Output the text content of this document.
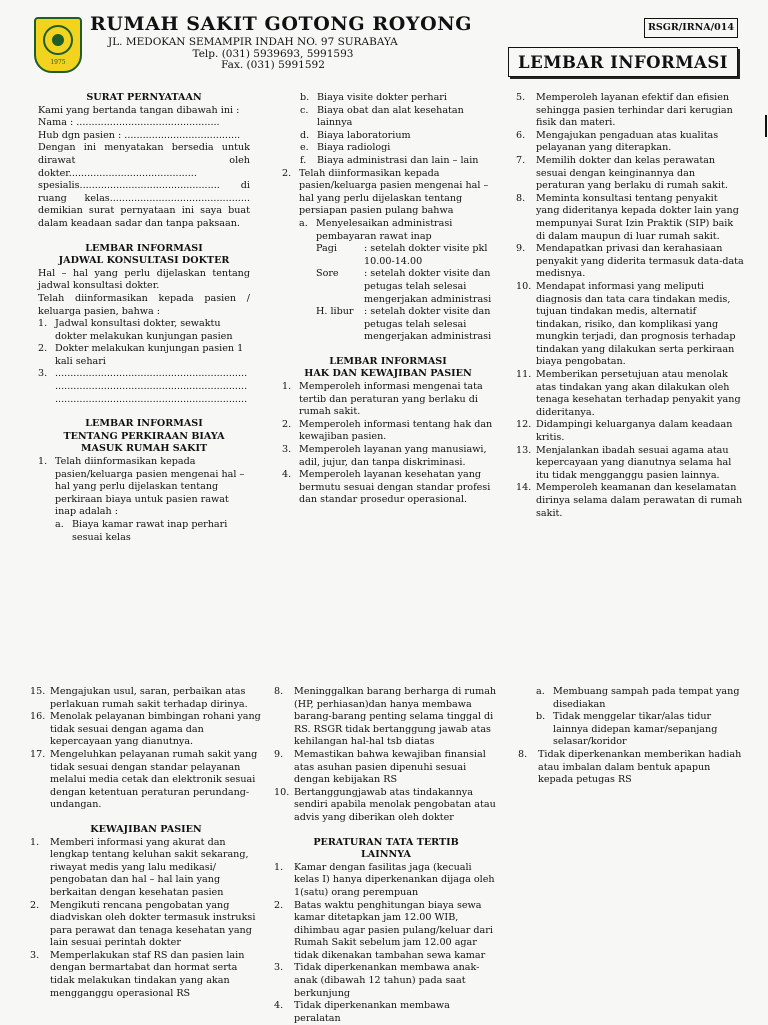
1975
RUMAH SAKIT GOTONG ROYONG
JL. MEDOKAN SEMAMPIR INDAH NO. 97 SURABAYA
Telp. (031) 5939693, 5991593
Fax. (031) 5991592
RSGR/IRNA/014
LEMBAR INFORMASI

SURAT PERNYATAAN

Kami yang bertanda tangan dibawah ini :

Nama : ...............................................

Hub dgn pasien : ......................................

Dengan ini menyatakan bersedia untuk dirawat oleh dokter.......................................... spesialis.............................................. di ruang kelas.............................................. demikian surat pernyataan ini saya buat dalam keadaan sadar dan tanpa paksaan.

LEMBAR INFORMASI

JADWAL KONSULTASI DOKTER

Hal – hal yang perlu dijelaskan tentang jadwal konsultasi dokter.

Telah diinformasikan kepada pasien / keluarga pasien, bahwa :

1. Jadwal konsultasi dokter, sewaktu dokter melakukan kunjungan pasien
2. Dokter melakukan kunjungan pasien 1 kali sehari
3. ...............................................................
...............................................................
...............................................................

LEMBAR INFORMASI

TENTANG PERKIRAAN BIAYA

MASUK RUMAH SAKIT

1. Telah diinformasikan kepada pasien/keluarga pasien mengenai hal – hal yang perlu dijelaskan tentang perkiraan biaya untuk pasien rawat inap adalah :
a. Biaya kamar rawat inap perhari sesuai kelas
b. Biaya visite dokter perhari
c. Biaya obat dan alat kesehatan lainnya
d. Biaya laboratorium
e. Biaya radiologi
f.	Biaya administrasi dan lain – lain
2. Telah diinformasikan kepada pasien/keluarga pasien mengenai hal – hal yang perlu dijelaskan tentang persiapan pasien pulang bahwa
a. Menyelesaikan administrasi pembayaran rawat inap
Pagi	: setelah dokter visite pkl 10.00-14.00
Sore	: setelah dokter visite dan petugas telah selesai mengerjakan administrasi
H. libur	: setelah dokter visite dan petugas telah selesai mengerjakan administrasi

LEMBAR INFORMASI

HAK DAN KEWAJIBAN PASIEN

1. Memperoleh informasi mengenai tata tertib dan peraturan yang berlaku di rumah sakit.
2. Memperoleh informasi tentang hak dan kewajiban pasien.
3. Memperoleh layanan yang manusiawi, adil, jujur, dan tanpa diskriminasi.
4. Memperoleh layanan kesehatan yang bermutu sesuai dengan standar profesi dan standar prosedur operasional.
5.	Memperoleh layanan efektif dan efisien sehingga pasien terhindar dari kerugian fisik dan materi.
6.	Mengajukan pengaduan atas kualitas pelayanan yang diterapkan.
7.	Memilih dokter dan kelas perawatan sesuai dengan keinginannya dan peraturan yang berlaku di rumah sakit.
8.	Meminta konsultasi tentang penyakit yang dideritanya kepada dokter lain yang mempunyai Surat Izin Praktik (SIP) baik di dalam maupun di luar rumah sakit.
9.	Mendapatkan privasi dan kerahasiaan penyakit yang diderita termasuk data-data medisnya.
10. Mendapat informasi yang meliputi diagnosis dan tata cara tindakan medis, tujuan tindakan medis, alternatif tindakan, risiko, dan komplikasi yang mungkin terjadi, dan prognosis terhadap tindakan yang dilakukan serta perkiraan biaya pengobatan.
11. Memberikan persetujuan atau menolak atas tindakan yang akan dilakukan oleh tenaga kesehatan terhadap penyakit yang dideritanya.
12. Didampingi keluarganya dalam keadaan kritis.
13. Menjalankan ibadah sesuai agama atau kepercayaan yang dianutnya selama hal itu tidak mengganggu pasien lainnya.
14. Memperoleh keamanan dan keselamatan dirinya selama dalam perawatan di rumah sakit.
15. Mengajukan usul, saran, perbaikan atas perlakuan rumah sakit terhadap dirinya.
16. Menolak pelayanan bimbingan rohani yang tidak sesuai dengan agama dan kepercayaan yang dianutnya.
17. Mengeluhkan pelayanan rumah sakit yang tidak sesuai dengan standar pelayanan melalui media cetak dan elektronik sesuai dengan ketentuan peraturan perundang-undangan.

KEWAJIBAN PASIEN

1.	Memberi informasi yang akurat dan lengkap tentang keluhan sakit sekarang, riwayat medis yang lalu medikasi/ pengobatan dan hal – hal lain yang berkaitan dengan kesehatan pasien
2.	Mengikuti rencana pengobatan yang diadviskan oleh dokter termasuk instruksi para perawat dan tenaga kesehatan yang lain sesuai perintah dokter
3.	Memperlakukan staf RS dan pasien lain dengan bermartabat dan hormat serta tidak melakukan tindakan yang akan mengganggu operasional RS
8.	Meninggalkan barang berharga di rumah (HP, perhiasan)dan hanya membawa barang-barang penting selama tinggal di RS. RSGR tidak bertanggung jawab atas kehilangan hal-hal tsb diatas
9.	Memastikan bahwa kewajiban finansial atas asuhan pasien dipenuhi sesuai dengan kebijakan RS
10. Bertanggungjawab atas tindakannya sendiri apabila menolak pengobatan atau advis yang diberikan oleh dokter

PERATURAN TATA TERTIB

LAINNYA

1.	Kamar dengan fasilitas jaga (kecuali kelas I) hanya diperkenankan dijaga oleh 1(satu) orang perempuan
2.	Batas waktu penghitungan biaya sewa kamar ditetapkan jam 12.00 WIB, dihimbau agar pasien pulang/keluar dari Rumah Sakit sebelum jam 12.00 agar tidak dikenakan tambahan sewa kamar
3.	Tidak diperkenankan membawa anak-anak (dibawah 12 tahun) pada saat berkunjung
4.	Tidak diperkenankan membawa peralatan
a. Membuang sampah pada tempat yang disediakan
b. Tidak menggelar tikar/alas tidur lainnya didepan kamar/sepanjang selasar/koridor
8.	Tidak diperkenankan memberikan hadiah atau imbalan dalam bentuk apapun kepada petugas RS
